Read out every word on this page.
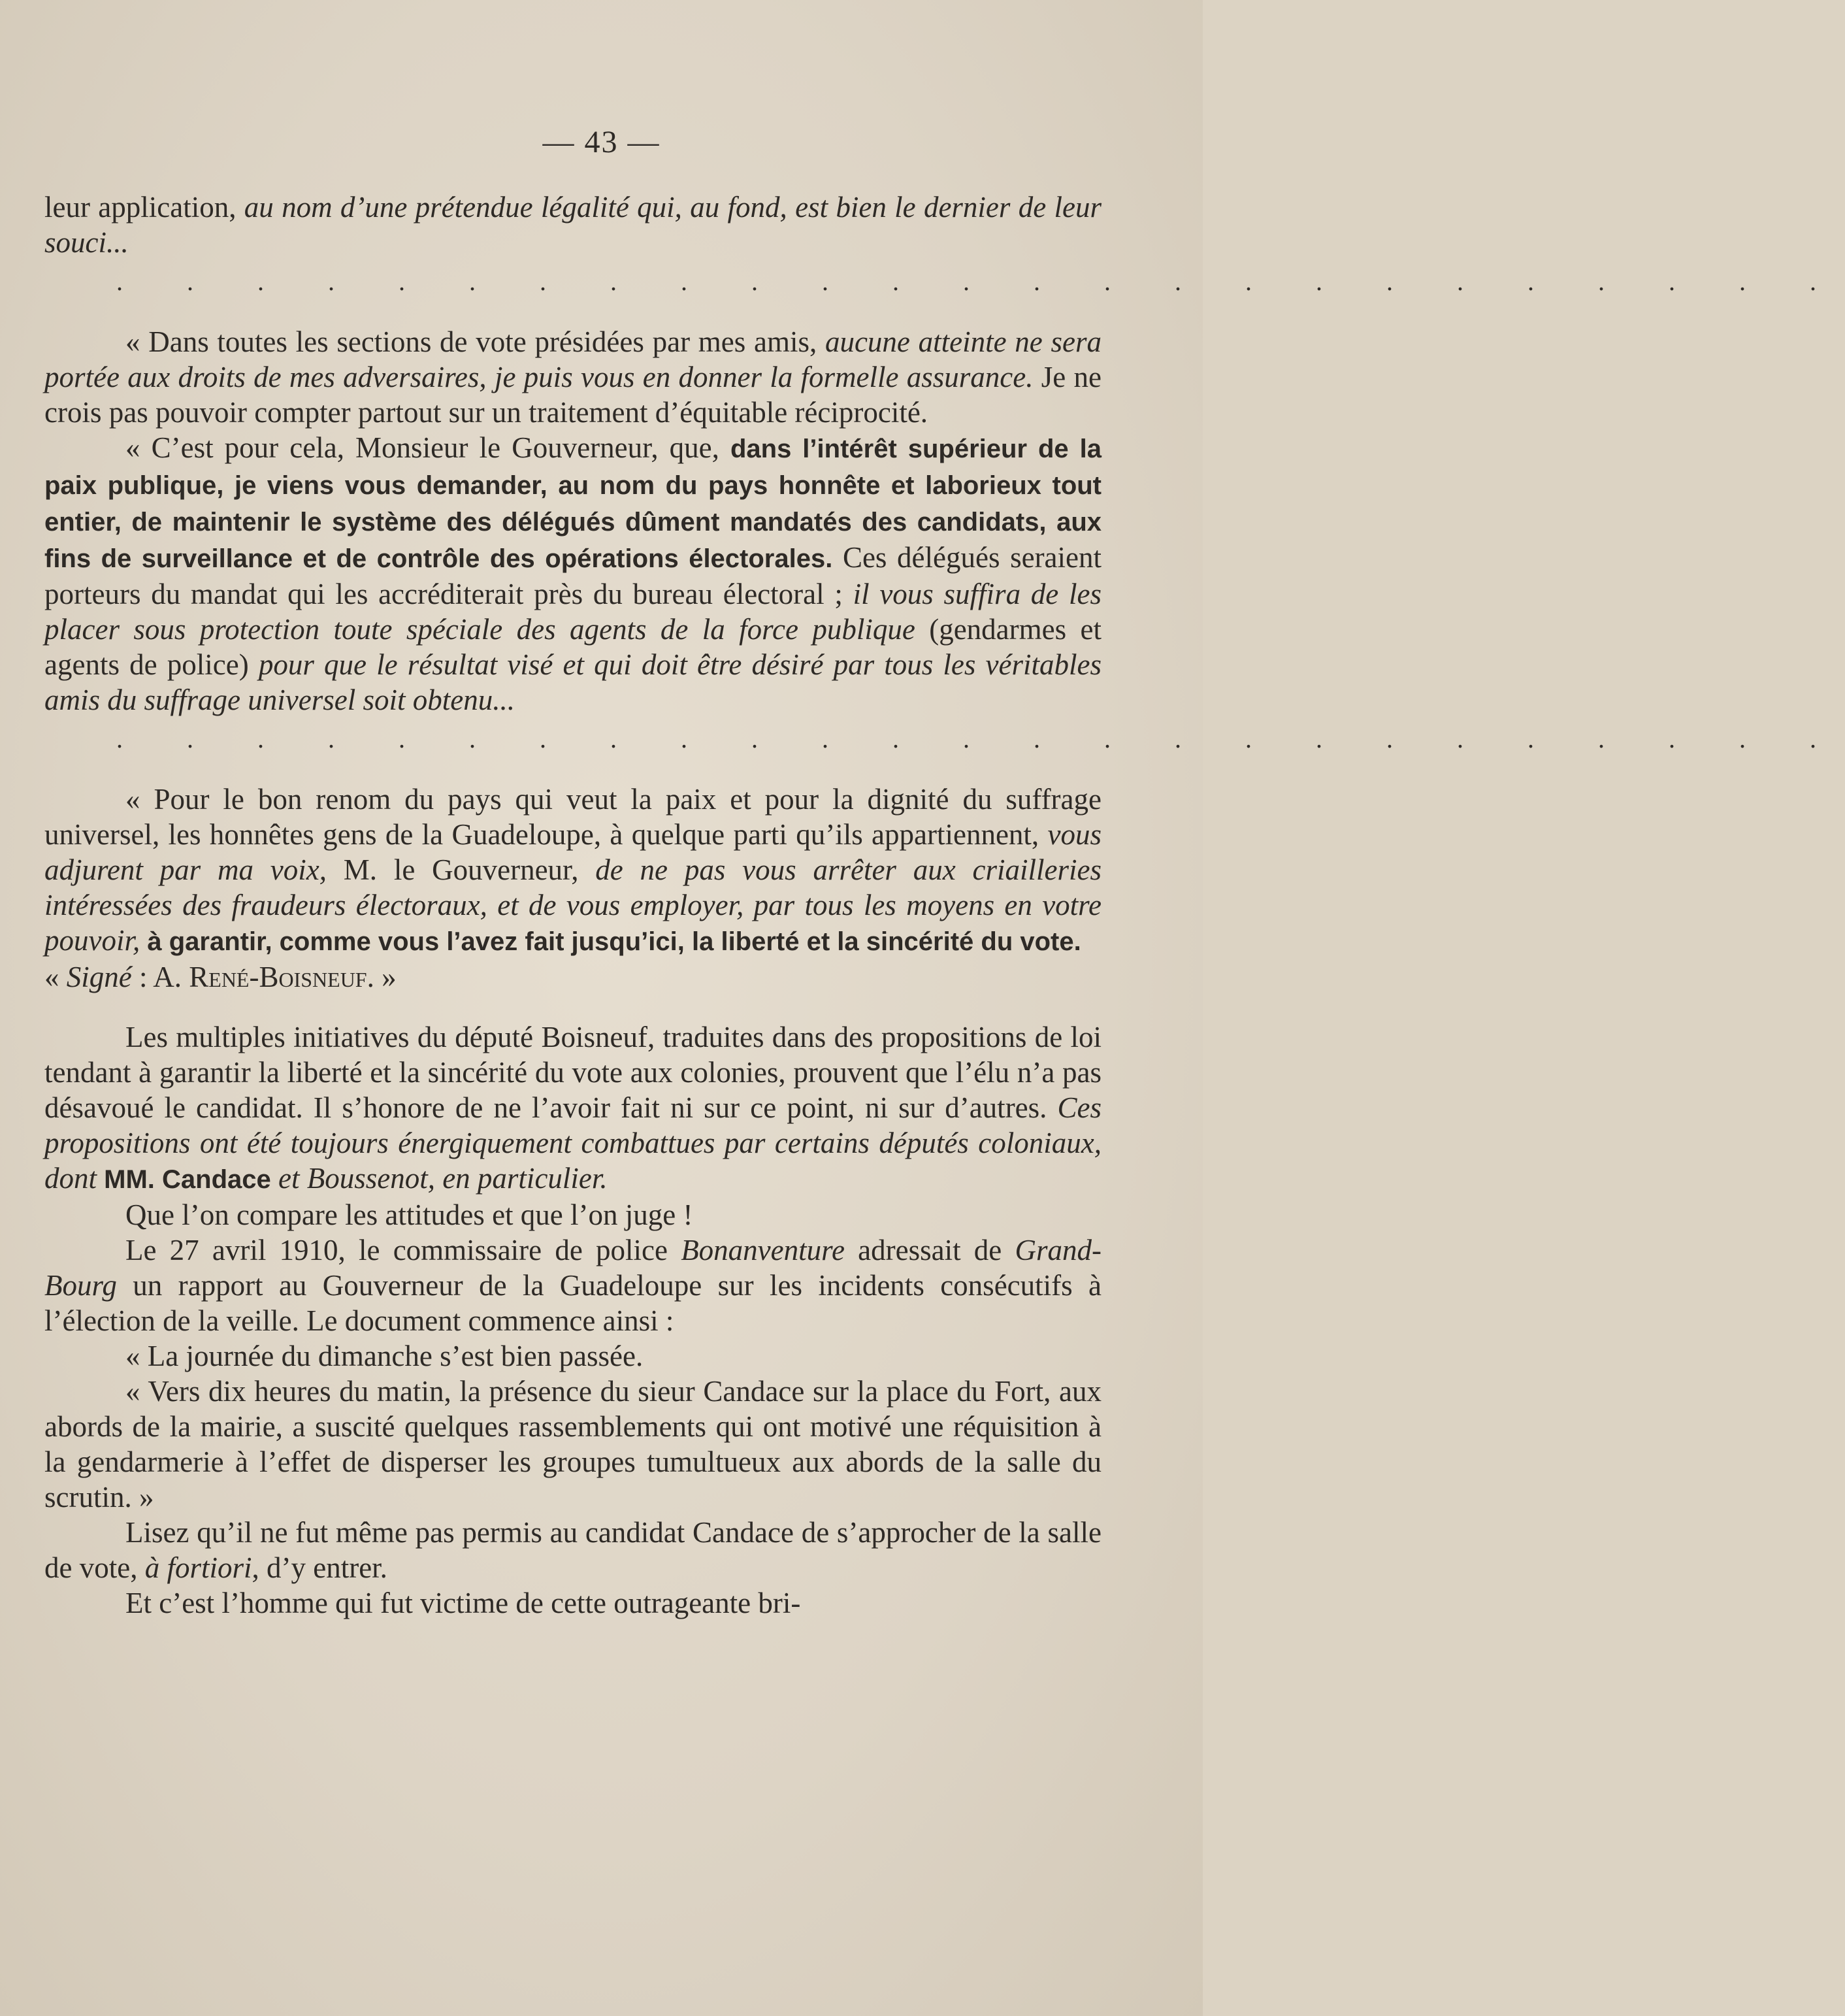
— 43 —

leur application, au nom d’une prétendue légalité qui, au fond, est bien le dernier de leur souci...

. . . . . . . . . . . . . . . . . . . . . . . . .

« Dans toutes les sections de vote présidées par mes amis, aucune atteinte ne sera portée aux droits de mes adversaires, je puis vous en donner la formelle assurance. Je ne crois pas pouvoir compter partout sur un traitement d’équitable réciprocité.

« C’est pour cela, Monsieur le Gouverneur, que, dans l’intérêt supérieur de la paix publique, je viens vous demander, au nom du pays honnête et laborieux tout entier, de maintenir le système des délégués dûment mandatés des candidats, aux fins de surveillance et de contrôle des opérations électorales. Ces délégués seraient porteurs du mandat qui les accréditerait près du bureau électoral ; il vous suffira de les placer sous protection toute spéciale des agents de la force publique (gendarmes et agents de police) pour que le résultat visé et qui doit être désiré par tous les véritables amis du suffrage universel soit obtenu...

. . . . . . . . . . . . . . . . . . . . . . . . .

« Pour le bon renom du pays qui veut la paix et pour la dignité du suffrage universel, les honnêtes gens de la Guadeloupe, à quelque parti qu’ils appartiennent, vous adjurent par ma voix, M. le Gouverneur, de ne pas vous arrêter aux criailleries intéressées des fraudeurs électoraux, et de vous employer, par tous les moyens en votre pouvoir, à garantir, comme vous l’avez fait jusqu’ici, la liberté et la sincérité du vote.

« Signé : A. René-Boisneuf. »

Les multiples initiatives du député Boisneuf, traduites dans des propositions de loi tendant à garantir la liberté et la sincérité du vote aux colonies, prouvent que l’élu n’a pas désavoué le candidat. Il s’honore de ne l’avoir fait ni sur ce point, ni sur d’autres. Ces propositions ont été toujours énergiquement combattues par certains députés coloniaux, dont MM. Candace et Boussenot, en particulier.

Que l’on compare les attitudes et que l’on juge !

Le 27 avril 1910, le commissaire de police Bonanventure adressait de Grand-Bourg un rapport au Gouverneur de la Guadeloupe sur les incidents consécutifs à l’élection de la veille. Le document commence ainsi :

« La journée du dimanche s’est bien passée.

« Vers dix heures du matin, la présence du sieur Candace sur la place du Fort, aux abords de la mairie, a suscité quelques rassemblements qui ont motivé une réquisition à la gendarmerie à l’effet de disperser les groupes tumultueux aux abords de la salle du scrutin. »

Lisez qu’il ne fut même pas permis au candidat Candace de s’approcher de la salle de vote, à fortiori, d’y entrer.

Et c’est l’homme qui fut victime de cette outrageante bri-
